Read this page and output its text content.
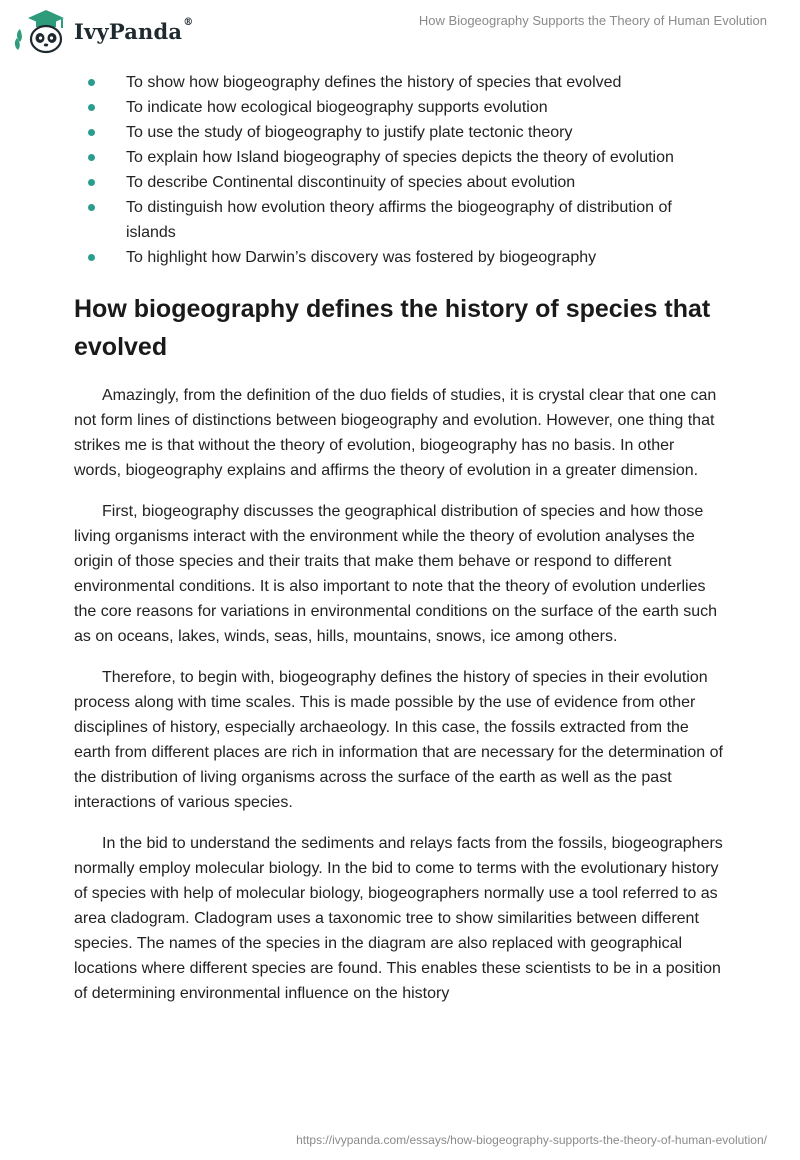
IvyPanda®	How Biogeography Supports the Theory of Human Evolution
To show how biogeography defines the history of species that evolved
To indicate how ecological biogeography supports evolution
To use the study of biogeography to justify plate tectonic theory
To explain how Island biogeography of species depicts the theory of evolution
To describe Continental discontinuity of species about evolution
To distinguish how evolution theory affirms the biogeography of distribution of islands
To highlight how Darwin’s discovery was fostered by biogeography
How biogeography defines the history of species that evolved

Amazingly, from the definition of the duo fields of studies, it is crystal clear that one can not form lines of distinctions between biogeography and evolution. However, one thing that strikes me is that without the theory of evolution, biogeography has no basis. In other words, biogeography explains and affirms the theory of evolution in a greater dimension.

First, biogeography discusses the geographical distribution of species and how those living organisms interact with the environment while the theory of evolution analyses the origin of those species and their traits that make them behave or respond to different environmental conditions. It is also important to note that the theory of evolution underlies the core reasons for variations in environmental conditions on the surface of the earth such as on oceans, lakes, winds, seas, hills, mountains, snows, ice among others.

Therefore, to begin with, biogeography defines the history of species in their evolution process along with time scales. This is made possible by the use of evidence from other disciplines of history, especially archaeology. In this case, the fossils extracted from the earth from different places are rich in information that are necessary for the determination of the distribution of living organisms across the surface of the earth as well as the past interactions of various species.

In the bid to understand the sediments and relays facts from the fossils, biogeographers normally employ molecular biology. In the bid to come to terms with the evolutionary history of species with help of molecular biology, biogeographers normally use a tool referred to as area cladogram. Cladogram uses a taxonomic tree to show similarities between different species. The names of the species in the diagram are also replaced with geographical locations where different species are found. This enables these scientists to be in a position of determining environmental influence on the history

https://ivypanda.com/essays/how-biogeography-supports-the-theory-of-human-evolution/
